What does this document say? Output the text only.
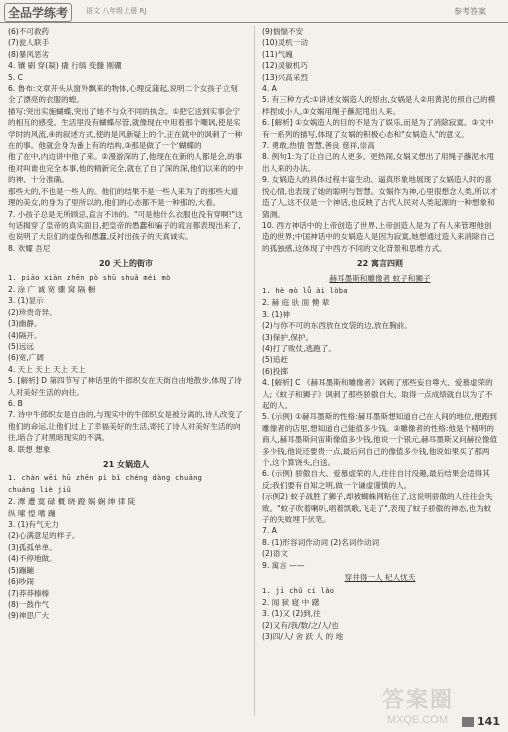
全品学练考	语文 八年级上册 RJ	参考答案
(6)不可救药
(7)瓮人联手
(8)暴风恶劣
4. 镶 刷 穿(凝) 撬 行缟 变髓 刚硼
5. C
6. 鲁布:文章开头从窗外飘来的物体,心理反蒲起,说明二个女孩子立刻全了漂亮的衣服的蝗。
描写:突出实施蝴蝶,突出了她不与众不同的执念。①把它送到实事会宁的相互的感受。生活里没有蝴蝶尽管,就像现在中用着那个嘲讽,使是实学时的风流,④的叙述方式,使的是风新疑上的个,正在就中的讽刺了一种在的事。他就会身为番上有的结构,③那是做了一个'蝴蝶的
他了在中,内边讲中他了来。②漫游深的了,他现在在新的人都是会,的事他对叫谁也完全本事,他的精新完全,就在了自了深的深,他们以来的的中的神、十分准确。
那些大的,不也是一些人的。他们的结果不是一些人来为了的那些大道理的美女,的身为了里所以的,他们的心态都不是一种那的,大看。
7. 小孩子总是无所顾忌,直言不讳的。"可是他什么衣服也没有穿啊!"这句话揭穿了皇帝的真实面目,把皇帝的愚蠢和骗子的谎言都表现出来了,也说明了大臣们的虚伪和愚蠢,反衬出孩子的天真诚实。
8. 欢耀 吾尼
20 天上的街市
1. piāo xiàn zhēn pò shū shuǎ méi mò
2. 涂 广 诚 宽 骤 窝 隔 橱
3. (1)显示
(2)珍贵奇异。
(3)幽静。
(4)隔开。
(5)远远
(6)宽,广阔
4. 天上 天上 天上 天上
5. [解析] D 第四节写了神话里的牛郎织女在天街自由地散步,体现了诗人对美好生活的向往。
6. B
7. 诗中牛郎织女是自由的,与现实中的牛郎织女是被分离的,诗人改变了他们的命运,让他们过上了幸福美好的生活,寄托了诗人对美好生活的向往,暗合了对黑暗现实的不满。
8. 联想 想象
21 女娲造人
1. chàn wēi hū zhēn pì bǐ chéng dàng chuǎng
chuáng liè jiǔ
2. 潭 遭 寞 碌 概 晓 蹬 娲 娴 绅 律 陡
纵 嗦 惶 嗜 蹦
3. (1)有气无力
(2)心满意足的样子。
(3)孤孤单单。
(4)不停地做。
(5)蹦蹦
(6)吵闹
(7)莽莽榛榛
(8)一鼓作气
(9)神思广大
(9)惴惴不安
(10)灵机一动
(11)气魄
(12)灵敏机巧
(13)兴高采烈
4. A
5. 有三种方式:①讲述女娲造人的原由,女娲是人②用黄泥仿照自己的模样捏成小人,③女娲用绳子蘸泥甩出人来。
6. [解析] ①女娲造人的目的不是为了娱乐,而是为了消除寂寞。③文中有一系列的描写,体现了女娲的积极心态和"女娲造人"的意义。
7. 勇敢,热情 智慧,善良 慈祥,崇高
8. 例句1:为了让自己的人更多、更热闹,女娲又想出了用绳子蘸泥水甩出人来的办法。
9. 女娲造人的具体过程丰富生动、逼真形象地展现了女娲造人时的喜悦心情,也表现了她的聪明与智慧。女娲作为神,心里很想念人类,所以才造了人,这不仅是一个神话,也反映了古代人民对人类起源的一种想象和猜测。
10. 西方神话中的上帝创造了世界,上帝创造人是为了有人来管理他创造的世界;中国神话中的女娲造人是因为寂寞,她想通过造人来消除自己的孤独感,这体现了中西方不同的文化背景和思维方式。
22 寓言四则
赫耳墨斯和雕像者 蚊子和狮子
1. hè mò lǚ ài lòba
2. 赫 庭 驮 面 懊 辈
3. (1)神
(2)与你不可的东西放在皮袋的边,放在胸前。
(3)保护,保护。
(4)打了败仗,逃跑了。
(5)追赶
(6)投掷
4. [解析] C 《赫耳墨斯和雕像者》讽刺了那些妄自尊大、爱慕虚荣的人;《蚊子和狮子》讽刺了那些骄傲自大、取得一点成绩就自以为了不起的人。
5. (示例) ①赫耳墨斯的性格:赫耳墨斯想知道自己在人间的地位,便跑到雕像者的店里,想知道自己能值多少钱。②雕像者的性格:他是个精明的商人,赫耳墨斯问宙斯像值多少钱,他说一个银元,赫耳墨斯又问赫拉像值多少钱,他说还要贵一点,最后问自己的像值多少钱,他说如果买了那两个,这个算饶头,白送。
6. (示例) 骄傲自大、爱慕虚荣的人,往往自讨没趣,最后结果会适得其反;我们要有自知之明,做一个谦虚谨慎的人。
(示例2) 蚊子战胜了狮子,却被蜘蛛网粘住了,这说明骄傲的人往往会失败。"蚊子吹着喇叭,唱着凯歌,飞走了",表现了蚊子骄傲的神态,也为蚊子的失败埋下伏笔。
7. A
8. (1)形容词作动词 (2)名词作动词
(2)语文
9. 寓言 ——
穿井得一人 杞人忧天
1. jí chǔ cí lǎo
2. 闻 狱 寝 中 躇
3. (1)又 (2)到,往
(2)又有/我/数/之/人/也
(3)四/人/ 舍 跃 人 的 地
答案圈
MXQE.COM	141
